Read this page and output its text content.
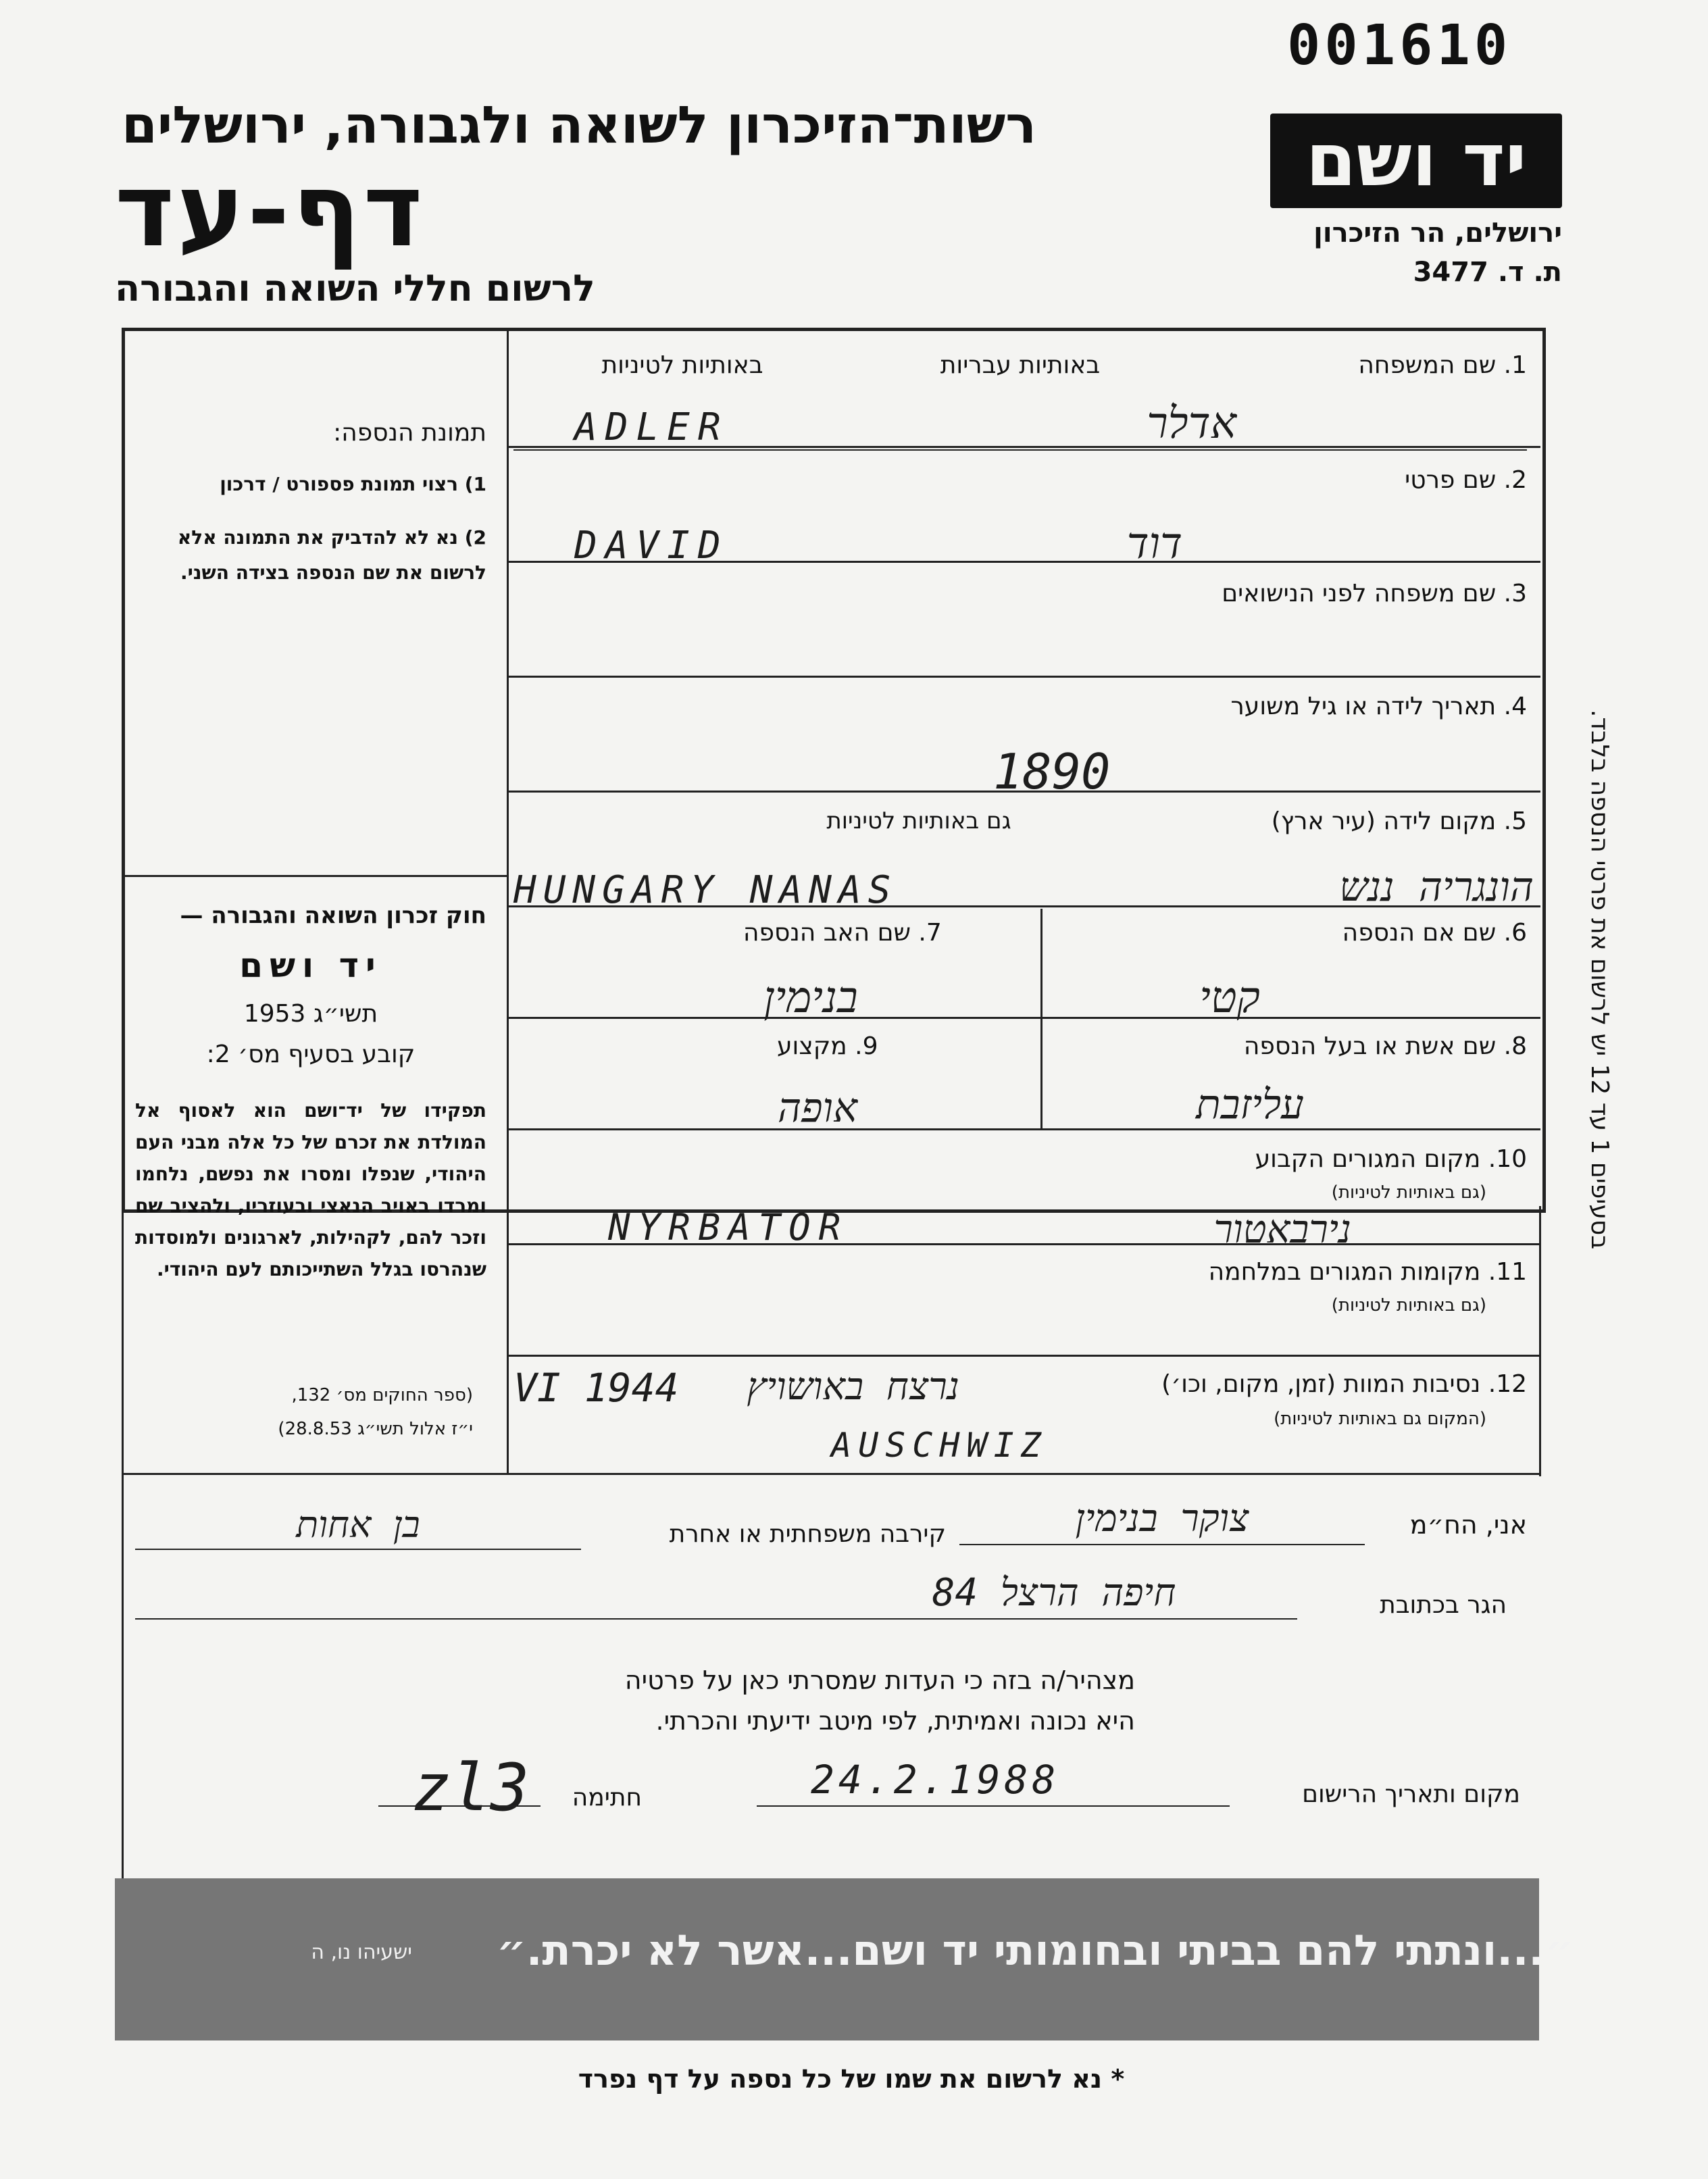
001610
רשות־הזיכרון לשואה ולגבורה, ירושלים
דף-עד
לרשום חללי השואה והגבורה
יד ושם
ירושלים, הר הזיכרון
ת. ד. 3477
תמונת הנספה:
1) רצוי תמונת פספורט / דרכון
2) נא לא להדביק את התמונה אלא לרשום את שם הנספה בצידה השני.
חוק זכרון השואה והגבורה —
יד ושם
תשי״ג 1953
קובע בסעיף מס׳ 2:
תפקידו של יד־ושם הוא לאסוף אל המולדת את זכרם של כל אלה מבני העם היהודי, שנפלו ומסרו את נפשם, נלחמו ומרדו באויב הנאצי ובעוזריו, ולהציב שם וזכר להם, לקהילות, לארגונים ולמוסדות שנהרסו בגלל השתייכותם לעם היהודי.
(ספר החוקים מס׳ 132,
י״ז אלול תשי״ג 28.8.53)
1. שם המשפחה
באותיות עבריות
באותיות לטיניות
ADLER	אדלר
2. שם פרטי
DAVID	דוד
3. שם משפחה לפני הנישואים
4. תאריך לידה או גיל משוער
1890
5. מקום לידה (עיר ארץ)
גם באותיות לטיניות
HUNGARY NANAS	הונגריה ננש
6. שם אם הנספה
קטי
7. שם האב הנספה
בנימין
8. שם אשת או בעל הנספה
עליזבת
9. מקצוע
אופה
10. מקום המגורים הקבוע
(גם באותיות לטיניות)
NYRBATOR	נירבאטור
11. מקומות המגורים במלחמה
(גם באותיות לטיניות)
12. נסיבות המוות (זמן, מקום, וכו׳)
(המקום גם באותיות לטיניות)
VI 1944	נרצח באושויץ
AUSCHWIZ
בסעיפים 1 עד 12 יש לרשום את פרטי הנספה בלבד.
אני, הח״מ
צוקר בנימין
קירבה משפחתית או אחרת
בן אחות
הגר בכתובת
חיפה הרצל 84
מצהיר/ה בזה כי העדות שמסרתי כאן על פרטיה
היא נכונה ואמיתית, לפי מיטב ידיעתי והכרתי.
מקום ותאריך הרישום
24.2.1988
חתימה
zl3
״...ונתתי להם בביתי ובחומותי יד ושם...אשר לא יכרת.״
ישעיהו נו, ה
* נא לרשום את שמו של כל נספה על דף נפרד
